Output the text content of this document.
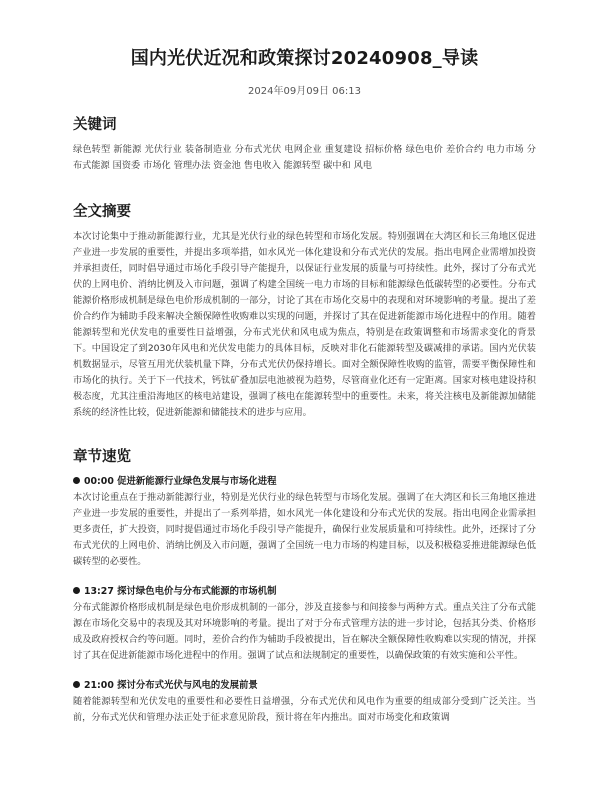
国内光伏近况和政策探讨20240908_导读
2024年09月09日 06:13
关键词

绿色转型 新能源 光伏行业 装备制造业 分布式光伏 电网企业 重复建设 招标价格 绿色电价 差价合约 电力市场 分布式能源 国资委 市场化 管理办法 资金池 售电收入 能源转型 碳中和 风电

全文摘要

本次讨论集中于推动新能源行业，尤其是光伏行业的绿色转型和市场化发展。特别强调在大湾区和长三角地区促进产业进一步发展的重要性，并提出多项举措，如水风光一体化建设和分布式光伏的发展。指出电网企业需增加投资并承担责任，同时倡导通过市场化手段引导产能提升，以保证行业发展的质量与可持续性。此外，探讨了分布式光伏的上网电价、消纳比例及入市问题，强调了构建全国统一电力市场的目标和能源绿色低碳转型的必要性。分布式能源价格形成机制是绿色电价形成机制的一部分，讨论了其在市场化交易中的表现和对环境影响的考量。提出了差价合约作为辅助手段来解决全额保障性收购难以实现的问题，并探讨了其在促进新能源市场化进程中的作用。随着能源转型和光伏发电的重要性日益增强，分布式光伏和风电成为焦点，特别是在政策调整和市场需求变化的背景下。中国设定了到2030年风电和光伏发电能力的具体目标，反映对非化石能源转型及碳减排的承诺。国内光伏装机数据显示，尽管互用光伏装机量下降，分布式光伏仍保持增长。面对全额保障性收购的监管，需要平衡保障性和市场化的执行。关于下一代技术，钙钛矿叠加层电池被视为趋势，尽管商业化还有一定距离。国家对核电建设持积极态度，尤其注重沿海地区的核电站建设，强调了核电在能源转型中的重要性。未来，将关注核电及新能源加储能系统的经济性比较，促进新能源和储能技术的进步与应用。

章节速览
00:00 促进新能源行业绿色发展与市场化进程

本次讨论重点在于推动新能源行业，特别是光伏行业的绿色转型与市场化发展。强调了在大湾区和长三角地区推进产业进一步发展的重要性，并提出了一系列举措，如水风光一体化建设和分布式光伏的发展。指出电网企业需承担更多责任，扩大投资，同时提倡通过市场化手段引导产能提升，确保行业发展质量和可持续性。此外，还探讨了分布式光伏的上网电价、消纳比例及入市问题，强调了全国统一电力市场的构建目标，以及积极稳妥推进能源绿色低碳转型的必要性。

13:27 探讨绿色电价与分布式能源的市场机制

分布式能源价格形成机制是绿色电价形成机制的一部分，涉及直接参与和间接参与两种方式。重点关注了分布式能源在市场化交易中的表现及其对环境影响的考量。提出了对于分布式管理方法的进一步讨论，包括其分类、价格形成及政府授权合约等问题。同时，差价合约作为辅助手段被提出，旨在解决全额保障性收购难以实现的情况，并探讨了其在促进新能源市场化进程中的作用。强调了试点和法规制定的重要性，以确保政策的有效实施和公平性。

21:00 探讨分布式光伏与风电的发展前景

随着能源转型和光伏发电的重要性和必要性日益增强，分布式光伏和风电作为重要的组成部分受到广泛关注。当前，分布式光伏和管理办法正处于征求意见阶段，预计将在年内推出。面对市场变化和政策调
